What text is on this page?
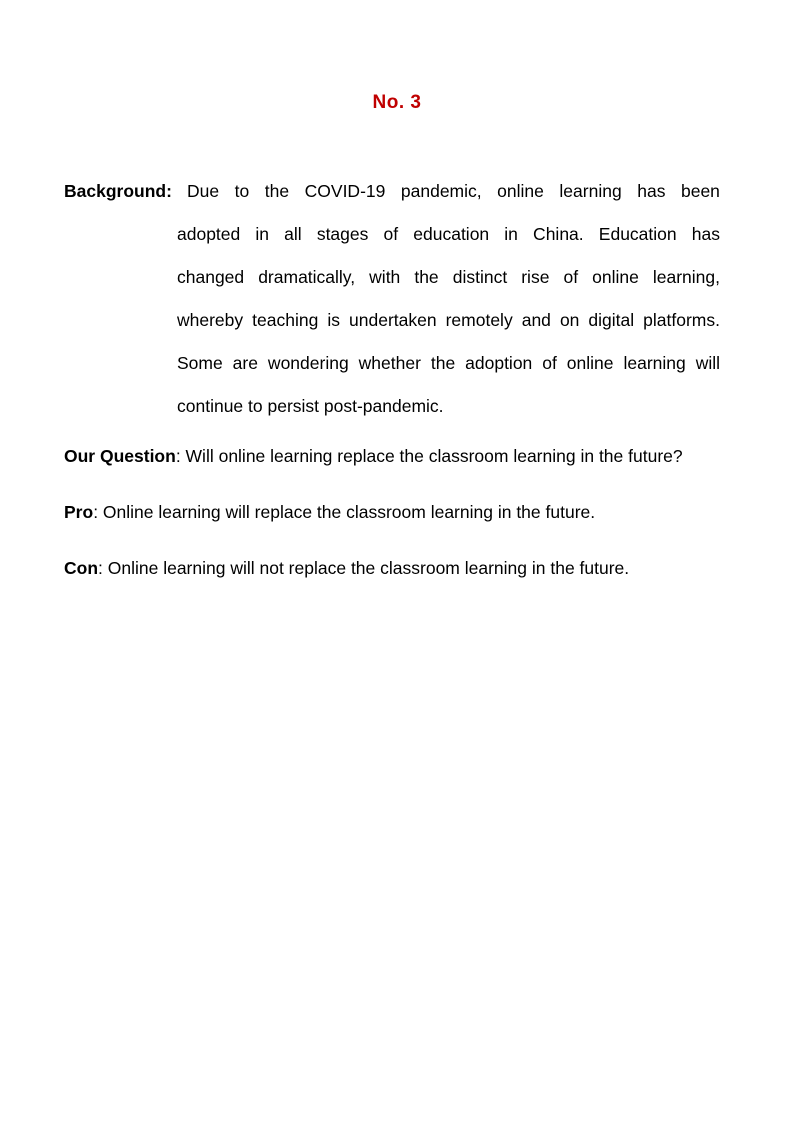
No. 3
Background: Due to the COVID-19 pandemic, online learning has been
adopted in all stages of education in China. Education has
changed dramatically, with the distinct rise of online learning,
whereby teaching is undertaken remotely and on digital platforms.
Some are wondering whether the adoption of online learning will
continue to persist post-pandemic.
Our Question: Will online learning replace the classroom learning in the future?
Pro: Online learning will replace the classroom learning in the future.
Con: Online learning will not replace the classroom learning in the future.
